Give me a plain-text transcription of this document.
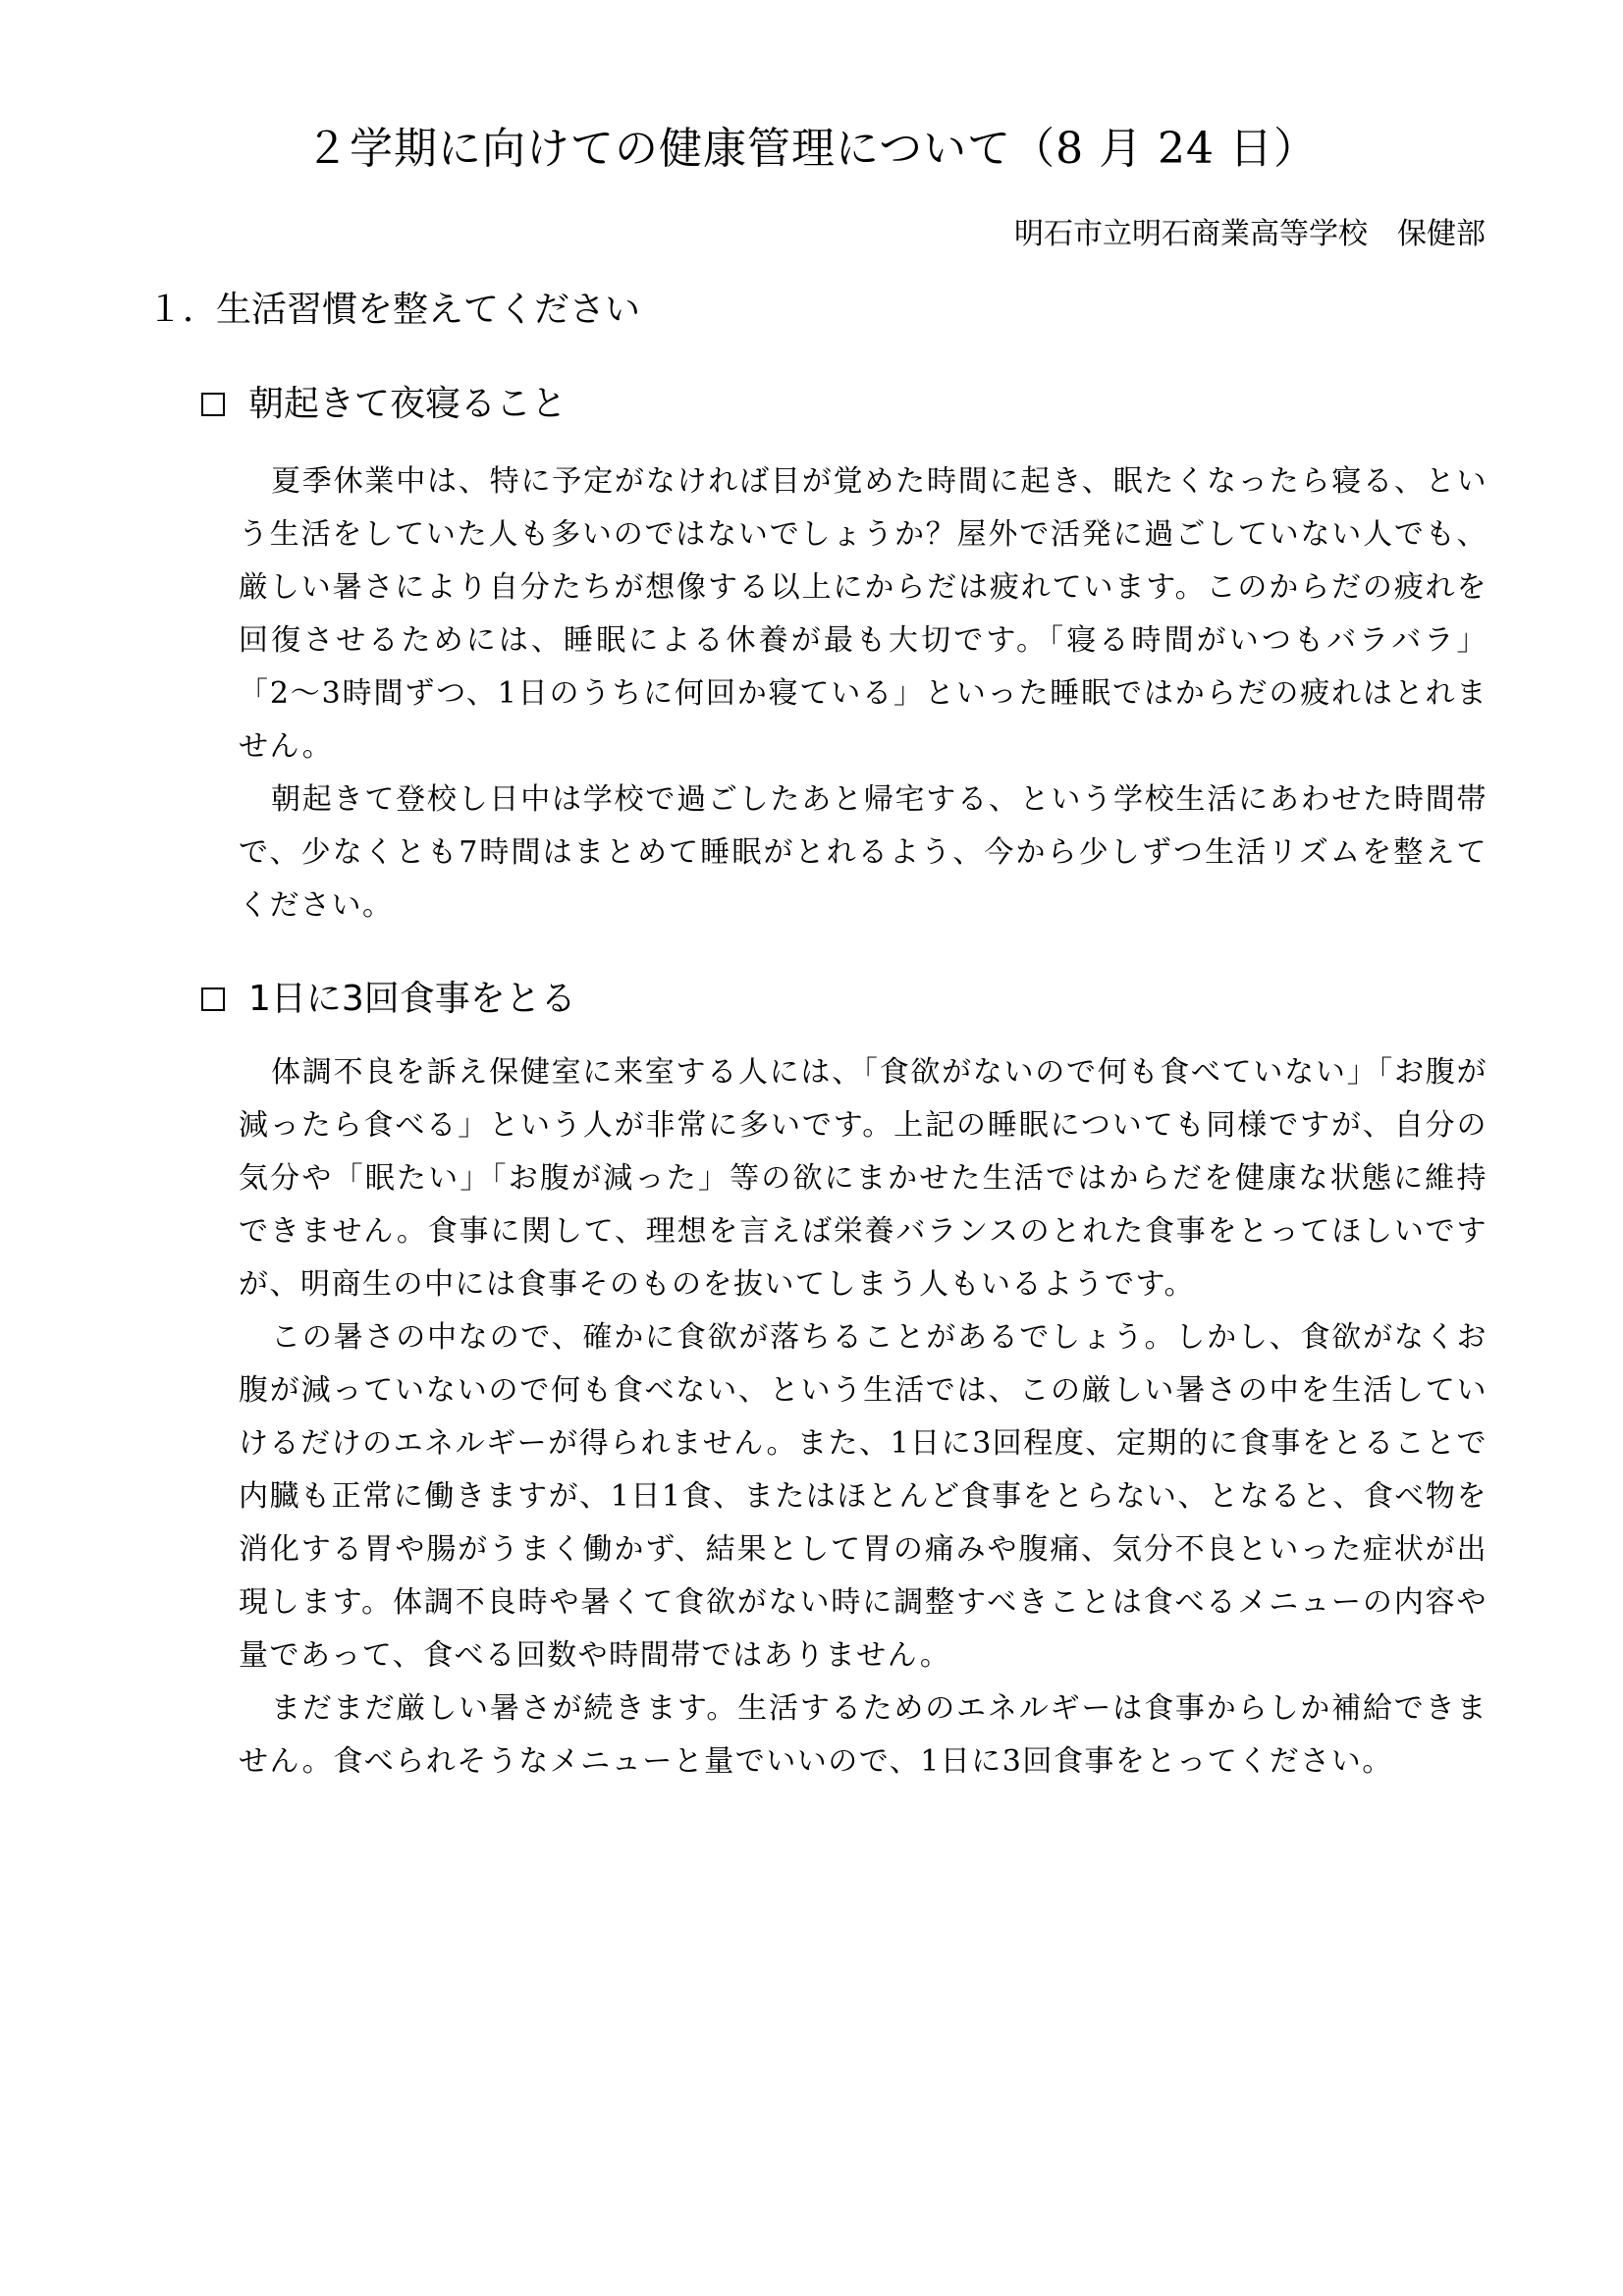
２学期に向けての健康管理について（8 月 24 日）
明石市立明石商業高等学校　保健部
１．生活習慣を整えてください
朝起きて夜寝ること

夏季休業中は、特に予定がなければ目が覚めた時間に起き、眠たくなったら寝る、という生活をしていた人も多いのではないでしょうか？屋外で活発に過ごしていない人でも、厳しい暑さにより自分たちが想像する以上にからだは疲れています。このからだの疲れを回復させるためには、睡眠による休養が最も大切です。「寝る時間がいつもバラバラ」「2〜3時間ずつ、1日のうちに何回か寝ている」といった睡眠ではからだの疲れはとれません。

朝起きて登校し日中は学校で過ごしたあと帰宅する、という学校生活にあわせた時間帯で、少なくとも7時間はまとめて睡眠がとれるよう、今から少しずつ生活リズムを整えてください。

1日に3回食事をとる

体調不良を訴え保健室に来室する人には、「食欲がないので何も食べていない」「お腹が減ったら食べる」という人が非常に多いです。上記の睡眠についても同様ですが、自分の気分や「眠たい」「お腹が減った」等の欲にまかせた生活ではからだを健康な状態に維持できません。食事に関して、理想を言えば栄養バランスのとれた食事をとってほしいですが、明商生の中には食事そのものを抜いてしまう人もいるようです。

この暑さの中なので、確かに食欲が落ちることがあるでしょう。しかし、食欲がなくお腹が減っていないので何も食べない、という生活では、この厳しい暑さの中を生活していけるだけのエネルギーが得られません。また、1日に3回程度、定期的に食事をとることで内臓も正常に働きますが、1日1食、またはほとんど食事をとらない、となると、食べ物を消化する胃や腸がうまく働かず、結果として胃の痛みや腹痛、気分不良といった症状が出現します。体調不良時や暑くて食欲がない時に調整すべきことは食べるメニューの内容や量であって、食べる回数や時間帯ではありません。

まだまだ厳しい暑さが続きます。生活するためのエネルギーは食事からしか補給できません。食べられそうなメニューと量でいいので、1日に3回食事をとってください。
